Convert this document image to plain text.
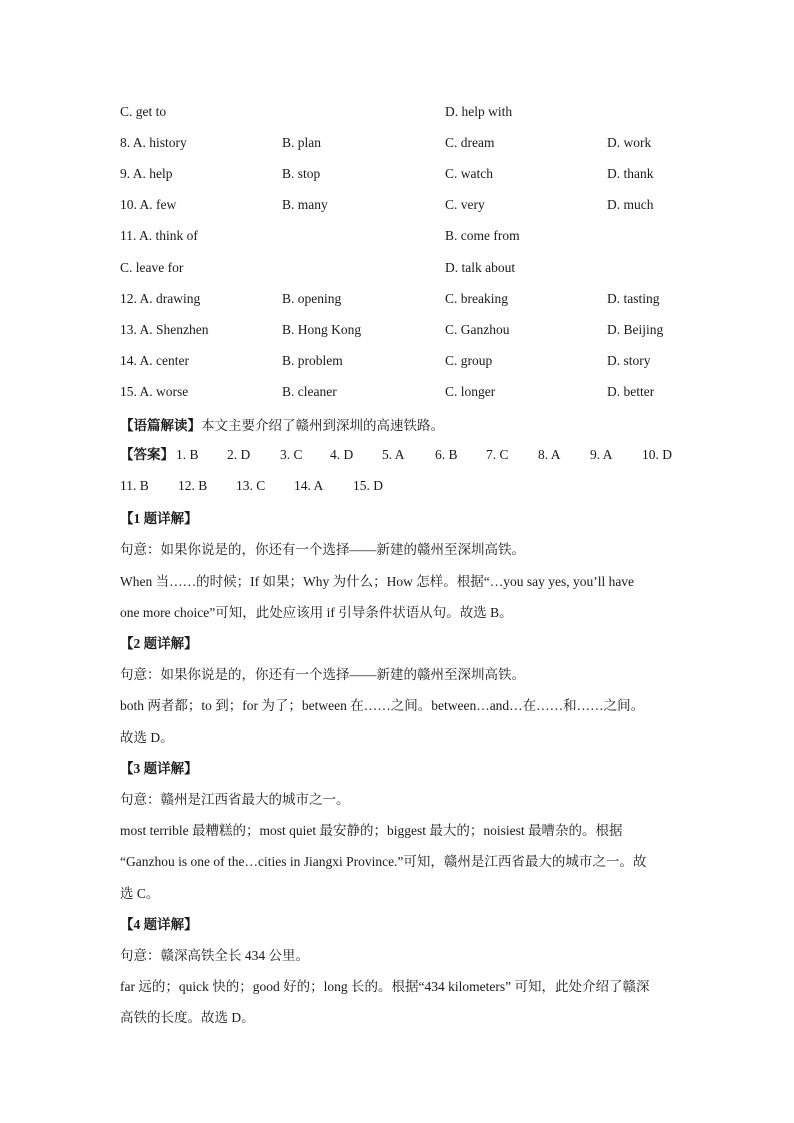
C. get to	D. help with
8. A. history	B. plan	C. dream	D. work
9. A. help	B. stop	C. watch	D. thank
10. A. few	B. many	C. very	D. much
11. A. think of	B. come from
C. leave for	D. talk about
12. A. drawing	B. opening	C. breaking	D. tasting
13. A. Shenzhen	B. Hong Kong	C. Ganzhou	D. Beijing
14. A. center	B. problem	C. group	D. story
15. A. worse	B. cleaner	C. longer	D. better
【语篇解读】本文主要介绍了赣州到深圳的高速铁路。
【答案】 1. B 2. D 3. C 4. D 5. A 6. B 7. C 8. A 9. A 10. D
11. B 12. B 13. C 14. A 15. D
【1 题详解】
句意：如果你说是的，你还有一个选择——新建的赣州至深圳高铁。
When 当……的时候；If 如果；Why 为什么；How 怎样。根据“…you say yes, you’ll have
one more choice”可知，此处应该用 if 引导条件状语从句。故选 B。
【2 题详解】
句意：如果你说是的，你还有一个选择——新建的赣州至深圳高铁。
both 两者都；to 到；for 为了；between 在……之间。between…and…在……和……之间。
故选 D。
【3 题详解】
句意：赣州是江西省最大的城市之一。
most terrible 最糟糕的；most quiet 最安静的；biggest 最大的；noisiest 最嘈杂的。根据
“Ganzhou is one of the…cities in Jiangxi Province.”可知，赣州是江西省最大的城市之一。故
选 C。
【4 题详解】
句意：赣深高铁全长 434 公里。
far 远的；quick 快的；good 好的；long 长的。根据“434 kilometers” 可知，此处介绍了赣深
高铁的长度。故选 D。
